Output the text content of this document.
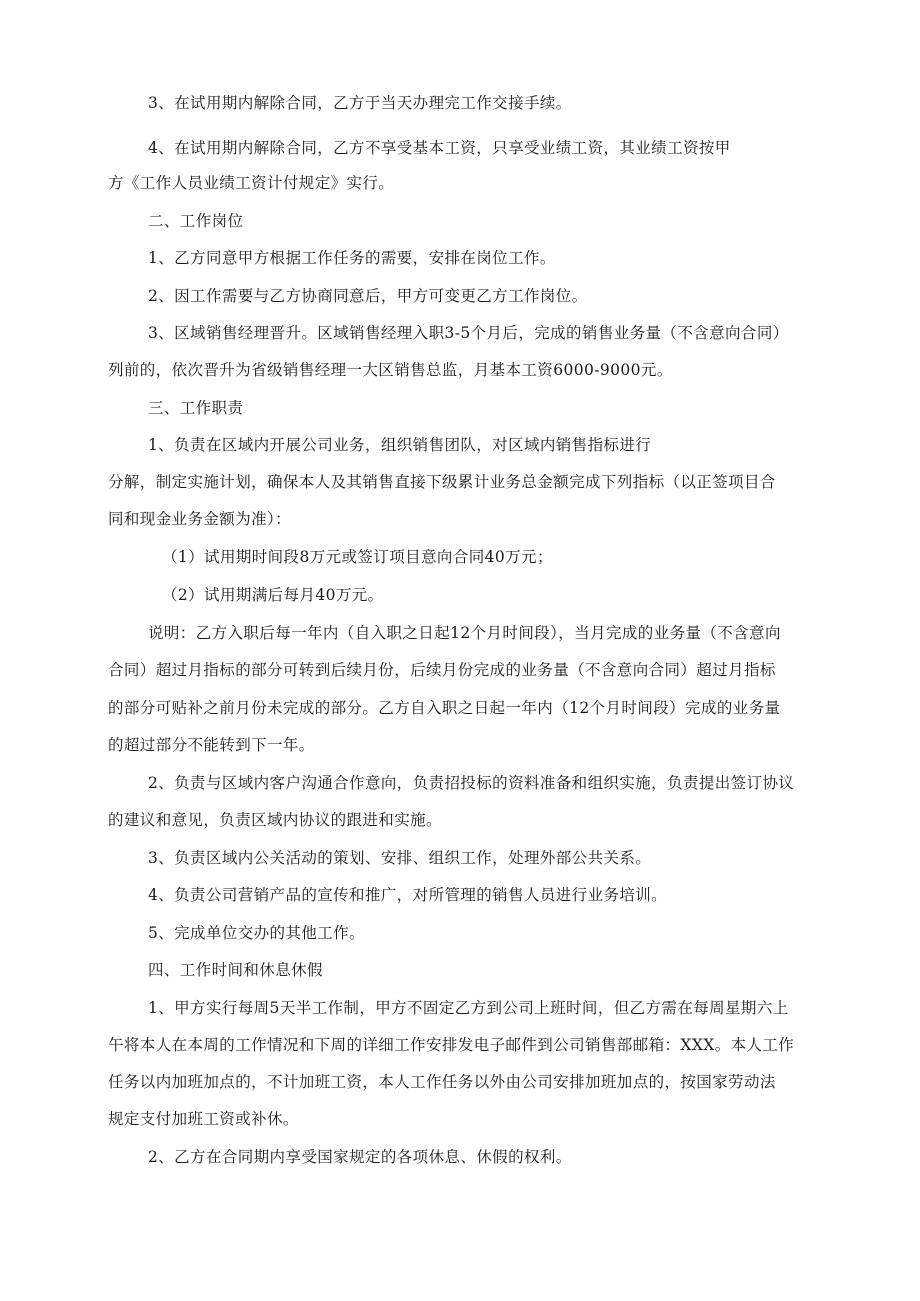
3、在试用期内解除合同，乙方于当天办理完工作交接手续。
4、在试用期内解除合同，乙方不享受基本工资，只享受业绩工资，其业绩工资按甲
方《工作人员业绩工资计付规定》实行。
二、工作岗位
1、乙方同意甲方根据工作任务的需要，安排在岗位工作。
2、因工作需要与乙方协商同意后，甲方可变更乙方工作岗位。
3、区域销售经理晋升。区域销售经理入职3-5个月后，完成的销售业务量（不含意向合同）
列前的，依次晋升为省级销售经理一大区销售总监，月基本工资6000-9000元。
三、工作职责
1、负责在区域内开展公司业务，组织销售团队，对区域内销售指标进行
分解，制定实施计划，确保本人及其销售直接下级累计业务总金额完成下列指标（以正签项目合
同和现金业务金额为准）：
（1）试用期时间段8万元或签订项目意向合同40万元；
（2）试用期满后每月40万元。
说明：乙方入职后每一年内（自入职之日起12个月时间段），当月完成的业务量（不含意向
合同）超过月指标的部分可转到后续月份，后续月份完成的业务量（不含意向合同）超过月指标
的部分可贴补之前月份未完成的部分。乙方自入职之日起一年内（12个月时间段）完成的业务量
的超过部分不能转到下一年。
2、负责与区域内客户沟通合作意向，负责招投标的资料准备和组织实施，负责提出签订协议
的建议和意见，负责区域内协议的跟进和实施。
3、负责区域内公关活动的策划、安排、组织工作，处理外部公共关系。
4、负责公司营销产品的宣传和推广，对所管理的销售人员进行业务培训。
5、完成单位交办的其他工作。
四、工作时间和休息休假
1、甲方实行每周5天半工作制，甲方不固定乙方到公司上班时间，但乙方需在每周星期六上
午将本人在本周的工作情况和下周的详细工作安排发电子邮件到公司销售部邮箱：XXX。本人工作
任务以内加班加点的，不计加班工资，本人工作任务以外由公司安排加班加点的，按国家劳动法
规定支付加班工资或补休。
2、乙方在合同期内享受国家规定的各项休息、休假的权利。
